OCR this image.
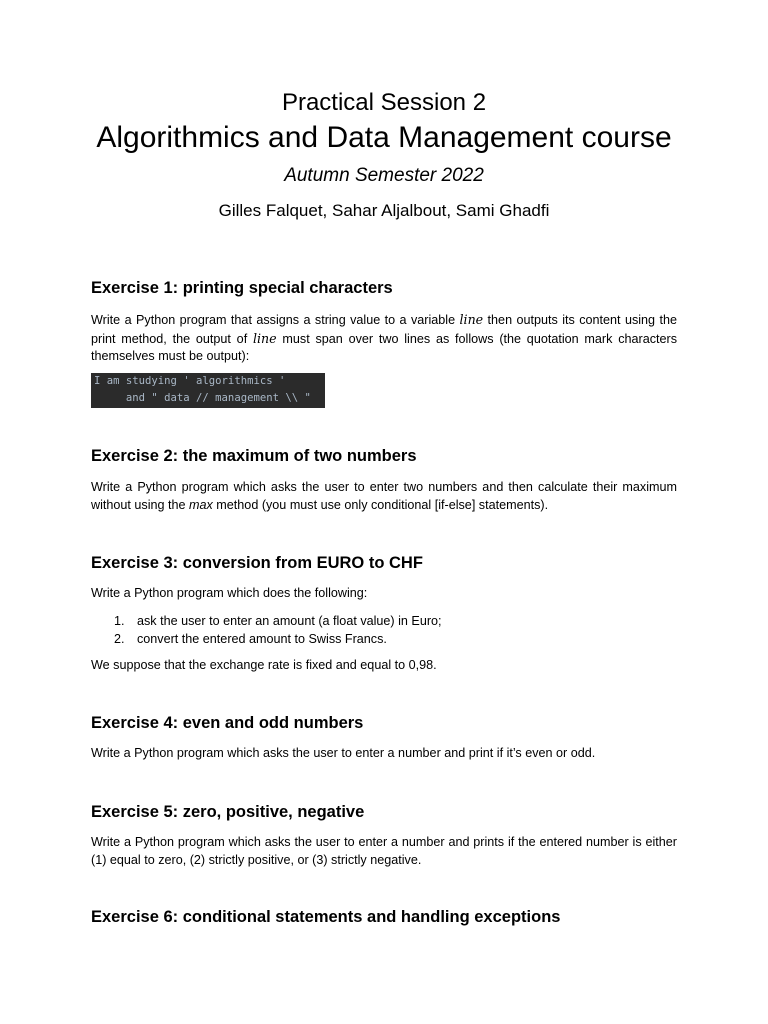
Practical Session 2
Algorithmics and Data Management course
Autumn Semester 2022
Gilles Falquet, Sahar Aljalbout, Sami Ghadfi
Exercise 1: printing special characters

Write a Python program that assigns a string value to a variable line then outputs its content using the print method, the output of line must span over two lines as follows (the quotation mark characters themselves must be output):

I am studying ' algorithmics '
and " data // management \\ "
Exercise 2: the maximum of two numbers

Write a Python program which asks the user to enter two numbers and then calculate their maximum without using the max method (you must use only conditional [if-else] statements).

Exercise 3: conversion from EURO to CHF

Write a Python program which does the following:

1. ask the user to enter an amount (a float value) in Euro;
2. convert the entered amount to Swiss Francs.

We suppose that the exchange rate is fixed and equal to 0,98.

Exercise 4: even and odd numbers

Write a Python program which asks the user to enter a number and print if it’s even or odd.

Exercise 5: zero, positive, negative

Write a Python program which asks the user to enter a number and prints if the entered number is either (1) equal to zero, (2) strictly positive, or (3) strictly negative.

Exercise 6: conditional statements and handling exceptions
